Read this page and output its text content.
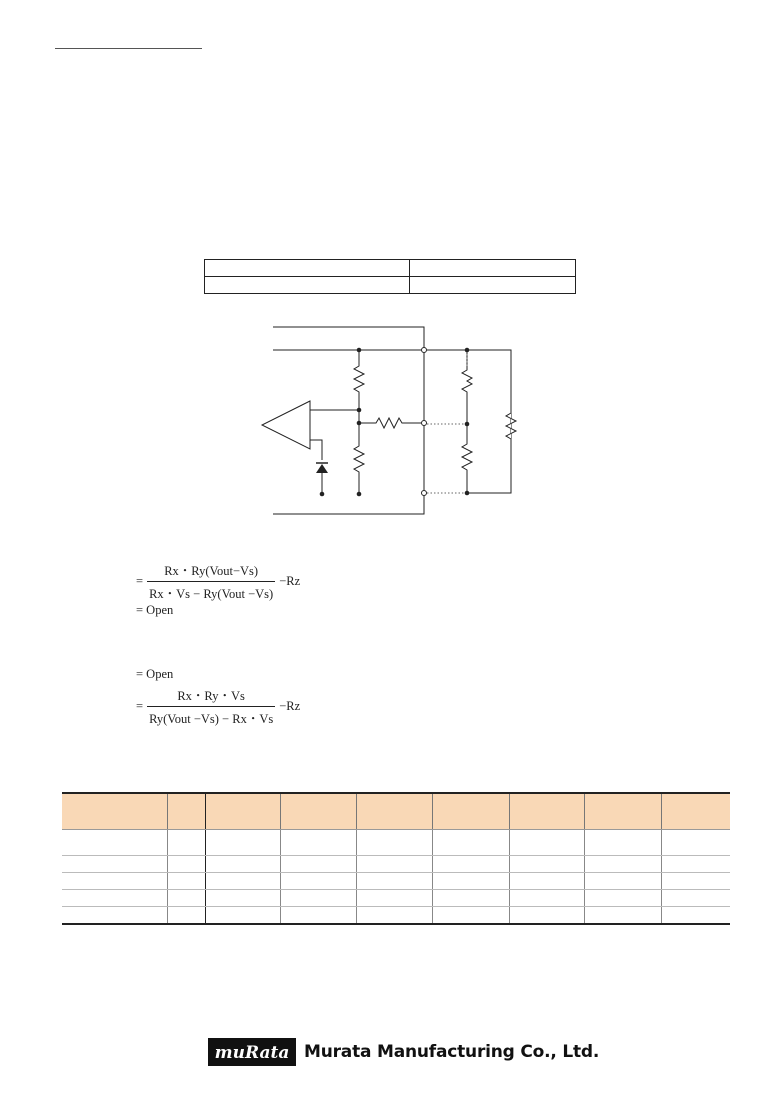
= $\frac{\text{Rx・Ry(Vout−Vs)}}{\text{Rx・Vs − Ry(Vout −Vs)}} -Rz$
= Open
= Open
= $\frac{Rx・Ry・Vs}{\text{Ry(Vout −Vs) − Rx・Vs}} -Rz$

muRata Murata Manufacturing Co., Ltd.
